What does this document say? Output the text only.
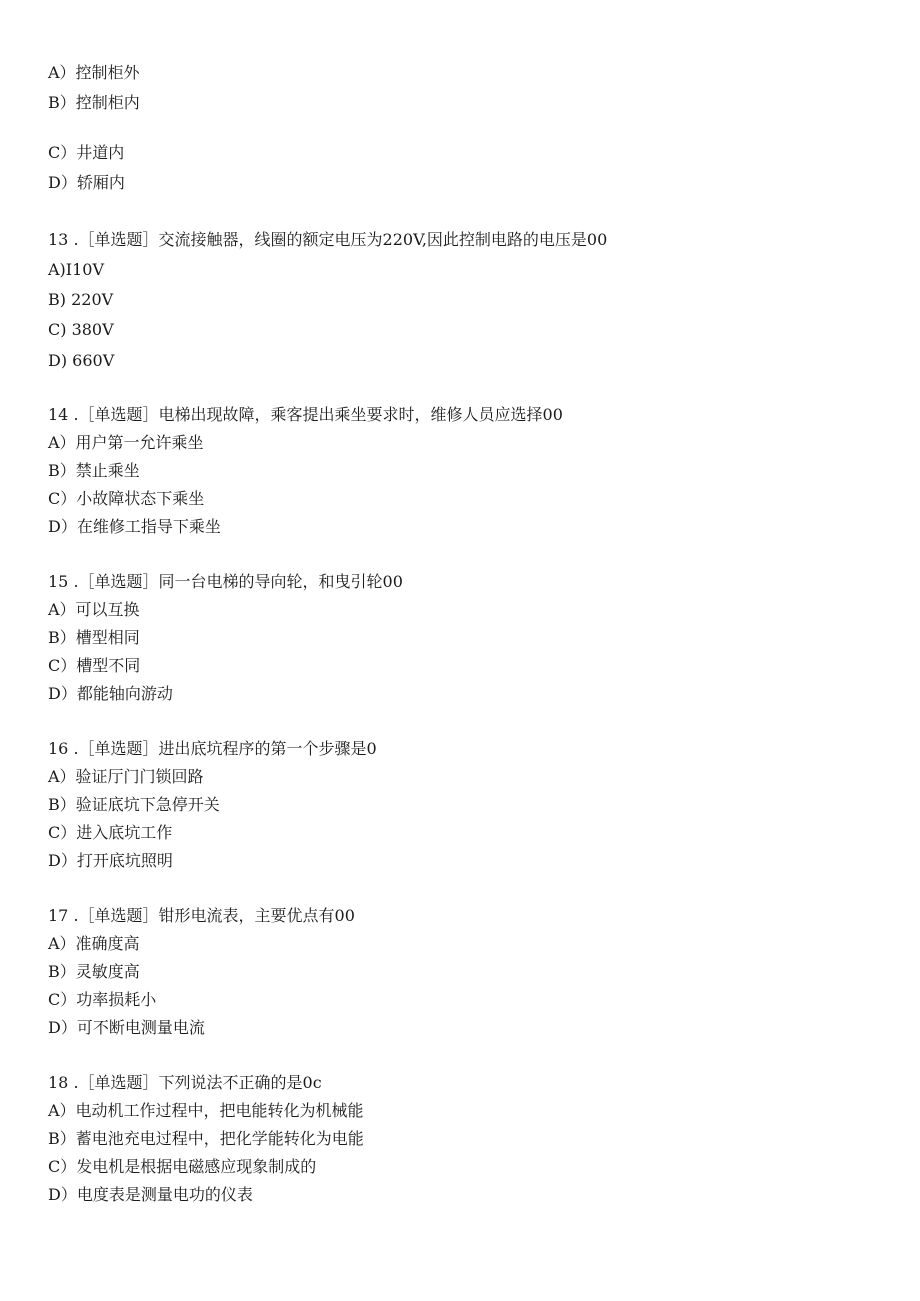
A）控制柜外
B）控制柜内
C）井道内
D）轿厢内
13 .［单选题］交流接触器，线圈的额定电压为220V,因此控制电路的电压是00
A)I10V
B) 220V
C) 380V
D) 660V
14 .［单选题］电梯出现故障，乘客提出乘坐要求时，维修人员应选择00
A）用户第一允许乘坐
B）禁止乘坐
C）小故障状态下乘坐
D）在维修工指导下乘坐
15 .［单选题］同一台电梯的导向轮，和曳引轮00
A）可以互换
B）槽型相同
C）槽型不同
D）都能轴向游动
16 .［单选题］进出底坑程序的第一个步骤是0
A）验证厅门门锁回路
B）验证底坑下急停开关
C）进入底坑工作
D）打开底坑照明
17 .［单选题］钳形电流表，主要优点有00
A）准确度高
B）灵敏度高
C）功率损耗小
D）可不断电测量电流
18 .［单选题］下列说法不正确的是0c
A）电动机工作过程中，把电能转化为机械能
B）蓄电池充电过程中，把化学能转化为电能
C）发电机是根据电磁感应现象制成的
D）电度表是测量电功的仪表
